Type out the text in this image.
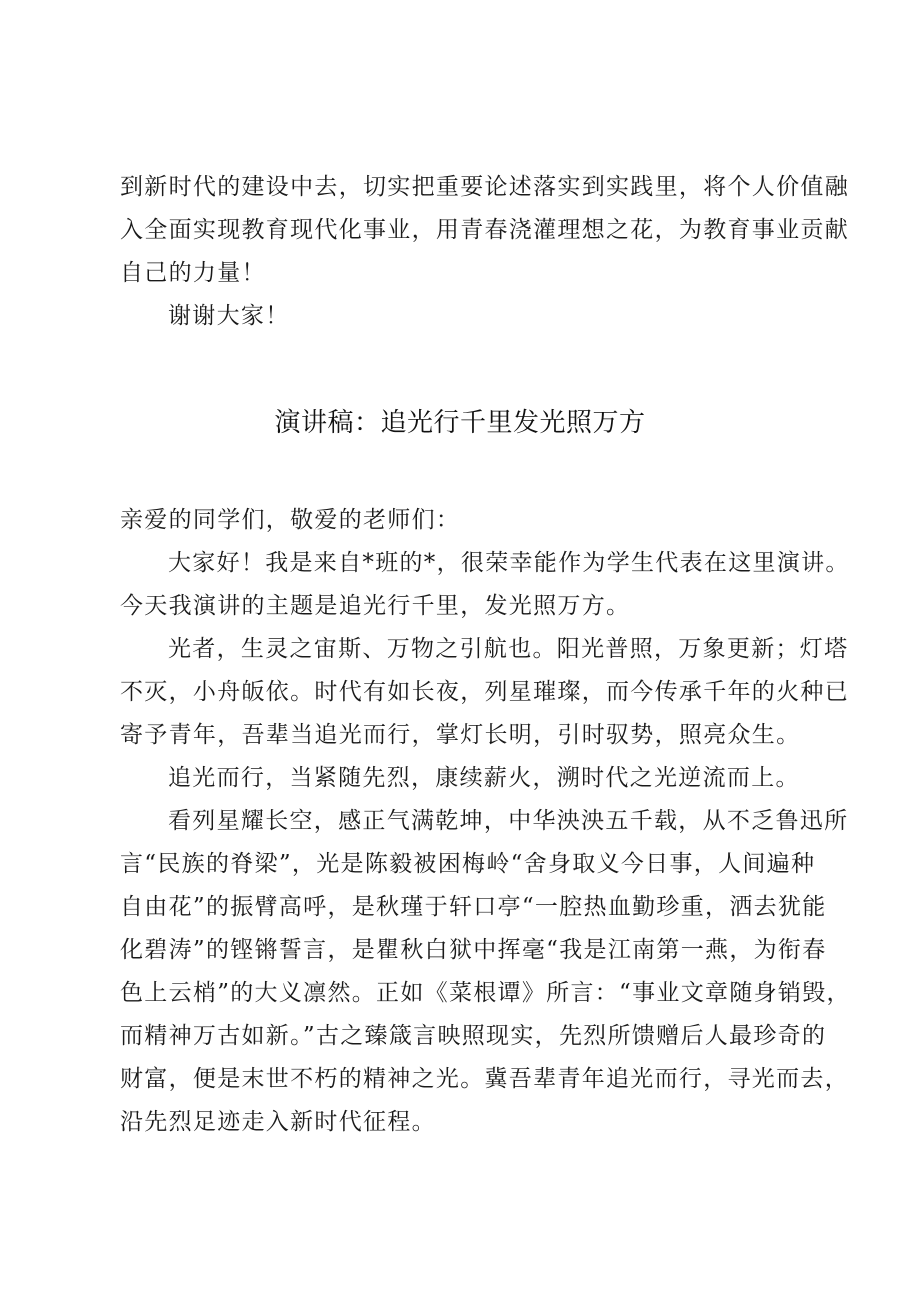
到新时代的建设中去，切实把重要论述落实到实践里，将个人价值融
入全面实现教育现代化事业，用青春浇灌理想之花，为教育事业贡献
自己的力量！
谢谢大家！
演讲稿：追光行千里发光照万方
亲爱的同学们，敬爱的老师们：
大家好！我是来自*班的*，很荣幸能作为学生代表在这里演讲。
今天我演讲的主题是追光行千里，发光照万方。
光者，生灵之宙斯、万物之引航也。阳光普照，万象更新；灯塔
不灭，小舟皈依。时代有如长夜，列星璀璨，而今传承千年的火种已
寄予青年，吾辈当追光而行，掌灯长明，引时驭势，照亮众生。
追光而行，当紧随先烈，康续薪火，溯时代之光逆流而上。
看列星耀长空，感正气满乾坤，中华泱泱五千载，从不乏鲁迅所
言“民族的脊梁”，光是陈毅被困梅岭“舍身取义今日事，人间遍种
自由花”的振臂高呼，是秋瑾于轩口亭“一腔热血勤珍重，洒去犹能
化碧涛”的铿锵誓言，是瞿秋白狱中挥毫“我是江南第一燕，为衔春
色上云梢”的大义凛然。正如《菜根谭》所言：“事业文章随身销毁，
而精神万古如新。”古之臻箴言映照现实，先烈所馈赠后人最珍奇的
财富，便是末世不朽的精神之光。冀吾辈青年追光而行，寻光而去，
沿先烈足迹走入新时代征程。
